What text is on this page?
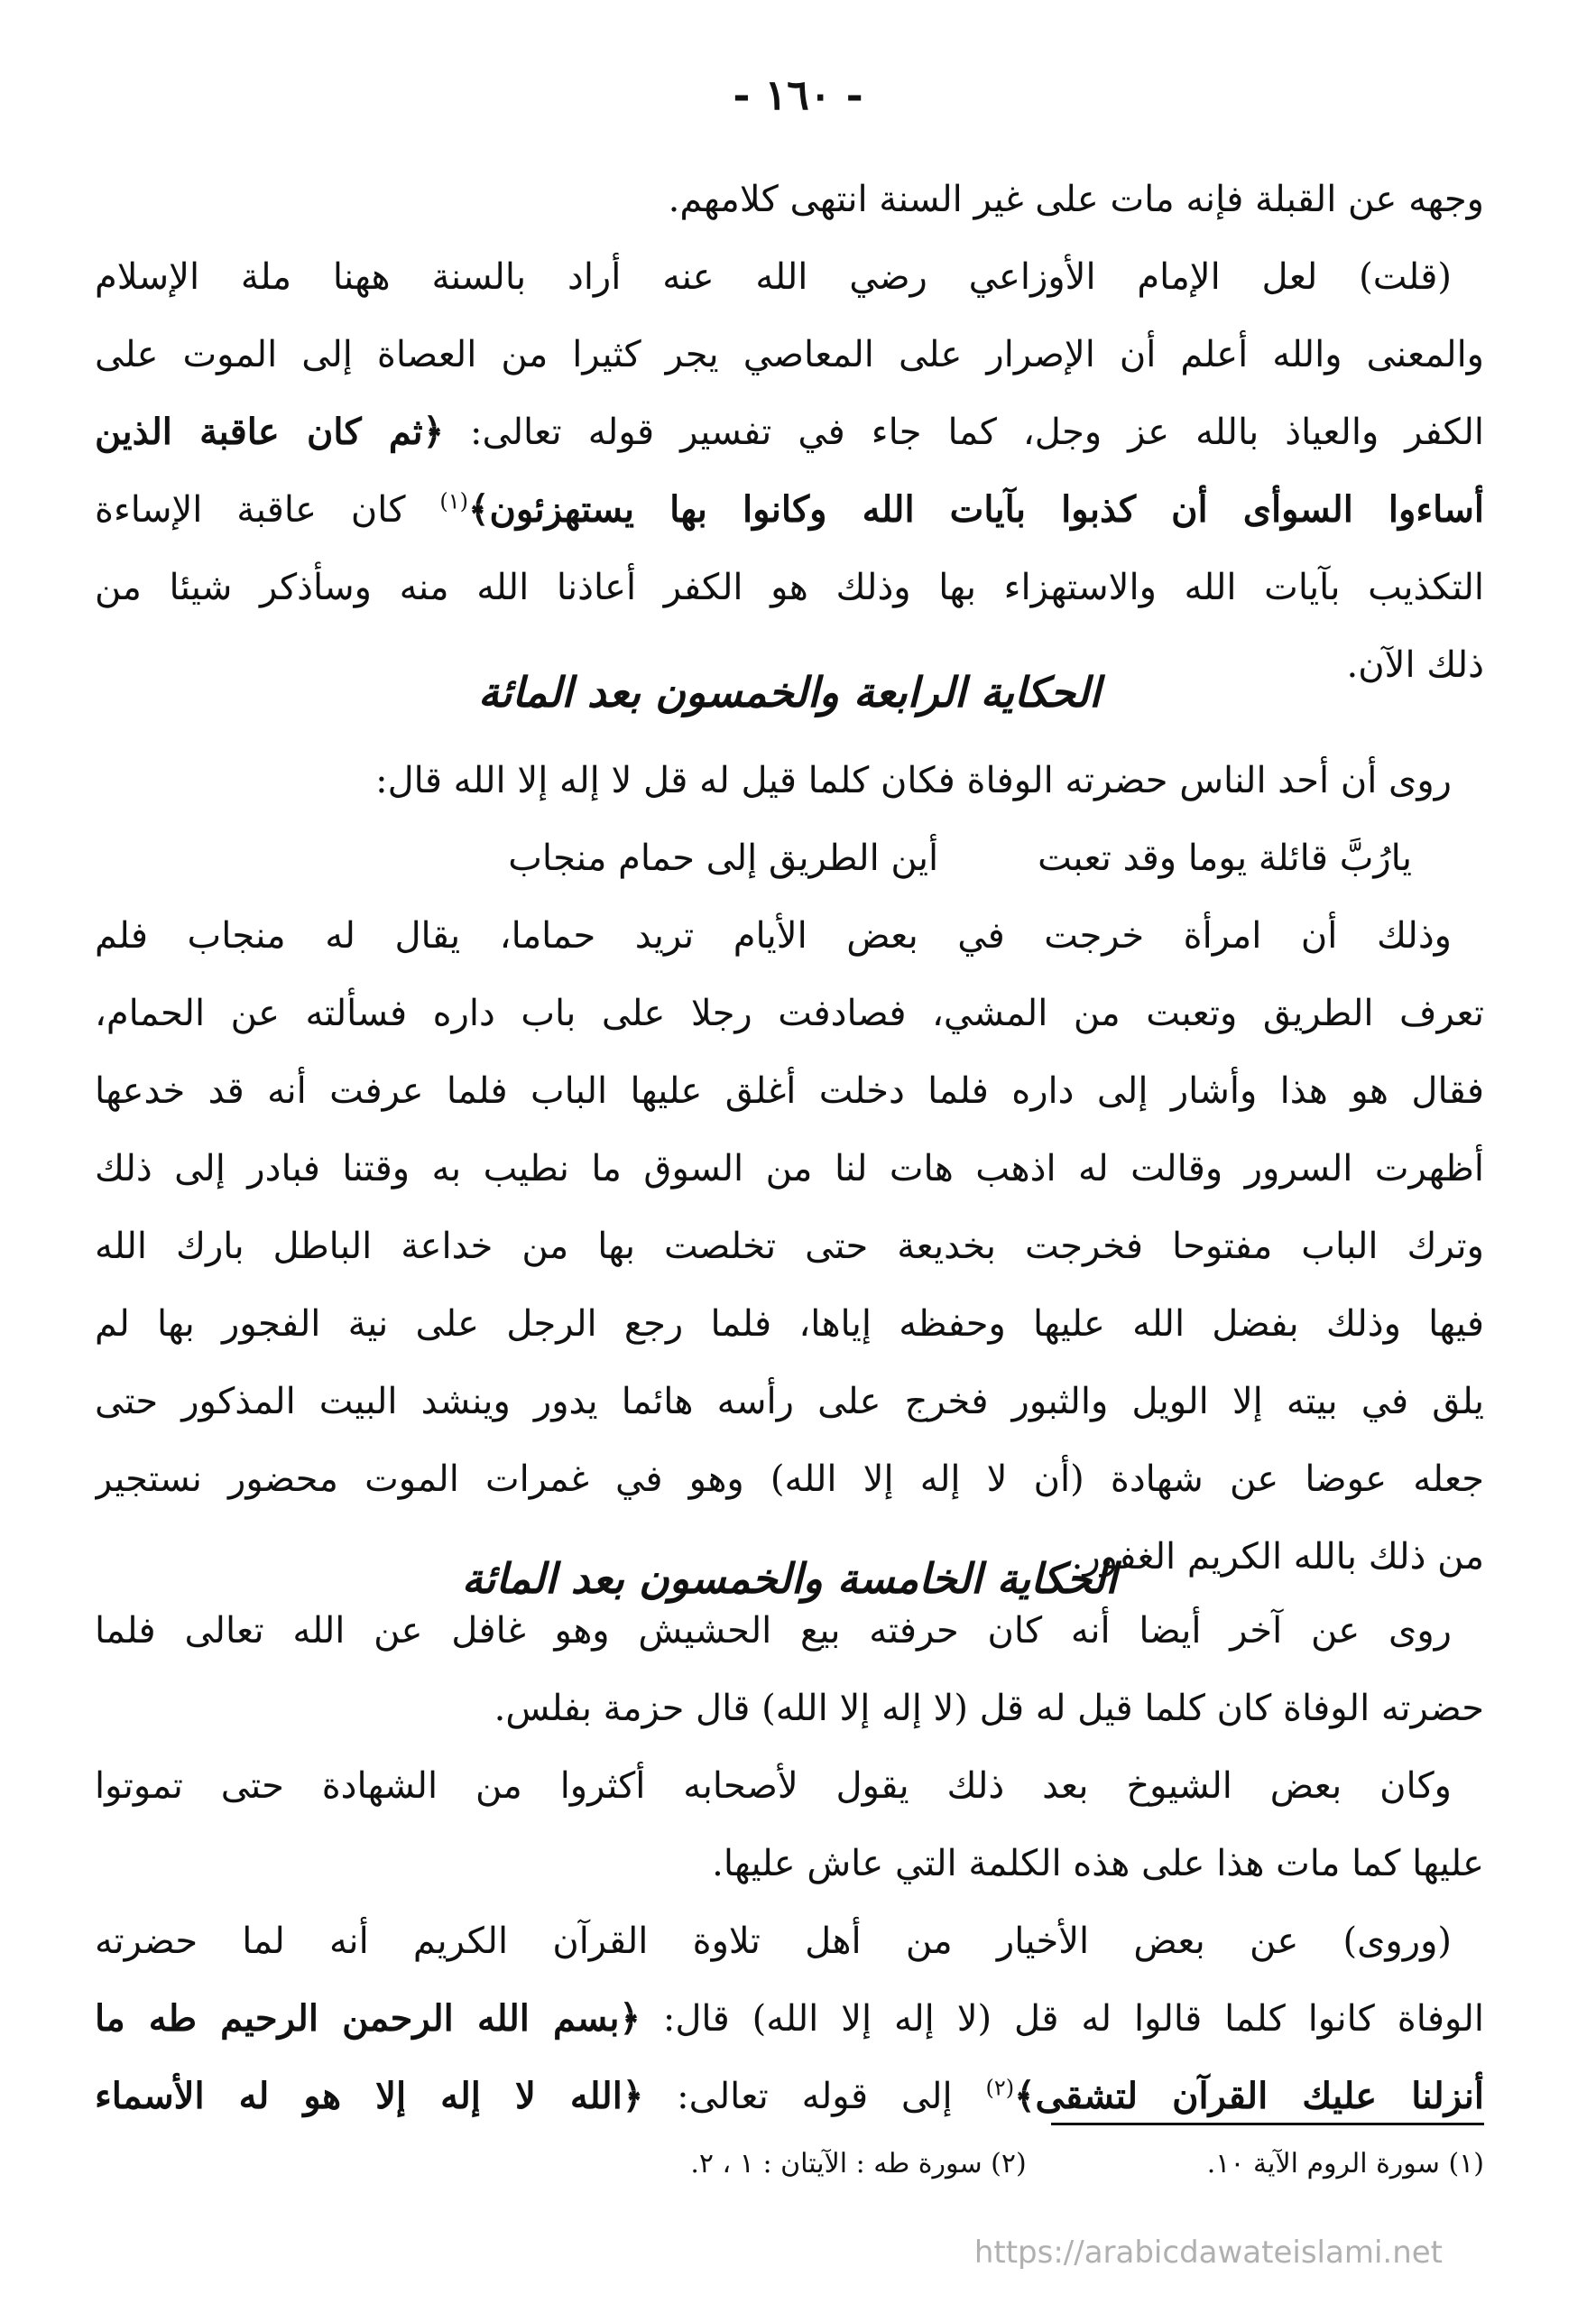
- ١٦٠ -
وجهه عن القبلة فإنه مات على غير السنة انتهى كلامهم.
(قلت) لعل الإمام الأوزاعي رضي الله عنه أراد بالسنة ههنا ملة الإسلام
والمعنى والله أعلم أن الإصرار على المعاصي يجر كثيرا من العصاة إلى الموت على
الكفر والعياذ بالله عز وجل، كما جاء في تفسير قوله تعالى: ﴿ثم كان عاقبة الذين
أساءوا السوأى أن كذبوا بآيات الله وكانوا بها يستهزئون﴾$^{(١)}$ كان عاقبة الإساءة
التكذيب بآيات الله والاستهزاء بها وذلك هو الكفر أعاذنا الله منه وسأذكر شيئا من
ذلك الآن.
الحكاية الرابعة والخمسون بعد المائة
روى أن أحد الناس حضرته الوفاة فكان كلما قيل له قل لا إله إلا الله قال:
يارُبَّ قائلة يوما وقد تعبت
أين الطريق إلى حمام منجاب
وذلك أن امرأة خرجت في بعض الأيام تريد حماما، يقال له منجاب فلم
تعرف الطريق وتعبت من المشي، فصادفت رجلا على باب داره فسألته عن الحمام،
فقال هو هذا وأشار إلى داره فلما دخلت أغلق عليها الباب فلما عرفت أنه قد خدعها
أظهرت السرور وقالت له اذهب هات لنا من السوق ما نطيب به وقتنا فبادر إلى ذلك
وترك الباب مفتوحا فخرجت بخديعة حتى تخلصت بها من خداعة الباطل بارك الله
فيها وذلك بفضل الله عليها وحفظه إياها، فلما رجع الرجل على نية الفجور بها لم
يلق في بيته إلا الويل والثبور فخرج على رأسه هائما يدور وينشد البيت المذكور حتى
جعله عوضا عن شهادة (أن لا إله إلا الله) وهو في غمرات الموت محضور نستجير
من ذلك بالله الكريم الغفور.
الحكاية الخامسة والخمسون بعد المائة
روى عن آخر أيضا أنه كان حرفته بيع الحشيش وهو غافل عن الله تعالى فلما
حضرته الوفاة كان كلما قيل له قل (لا إله إلا الله) قال حزمة بفلس.
وكان بعض الشيوخ بعد ذلك يقول لأصحابه أكثروا من الشهادة حتى تموتوا
عليها كما مات هذا على هذه الكلمة التي عاش عليها.
(وروى) عن بعض الأخيار من أهل تلاوة القرآن الكريم أنه لما حضرته
الوفاة كانوا كلما قالوا له قل (لا إله إلا الله) قال: ﴿بسم الله الرحمن الرحيم طه ما
أنزلنا عليك القرآن لتشقى﴾$^{(٢)}$ إلى قوله تعالى: ﴿الله لا إله إلا هو له الأسماء
(١) سورة الروم الآية ١٠.
(٢) سورة طه : الآيتان : ١ ، ٢.
https://arabicdawateislami.net
